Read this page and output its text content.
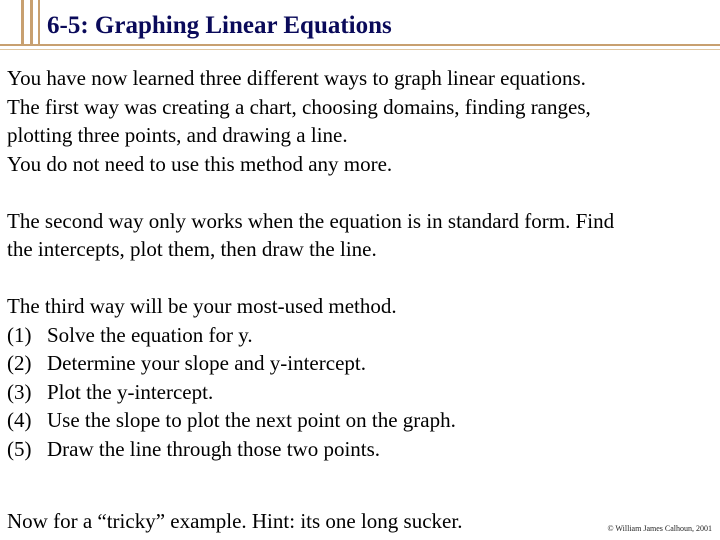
6-5: Graphing Linear Equations

You have now learned three different ways to graph linear equations.

The first way was creating a chart, choosing domains, finding ranges,

plotting three points, and drawing a line.

You do not need to use this method any more.

The second way only works when the equation is in standard form. Find

the intercepts, plot them, then draw the line.

The third way will be your most-used method.

(1) Solve the equation for y.
(2) Determine your slope and y-intercept.
(3) Plot the y-intercept.
(4) Use the slope to plot the next point on the graph.
(5) Draw the line through those two points.
Now for a “tricky” example. Hint: its one long sucker.	© William James Calhoun, 2001
